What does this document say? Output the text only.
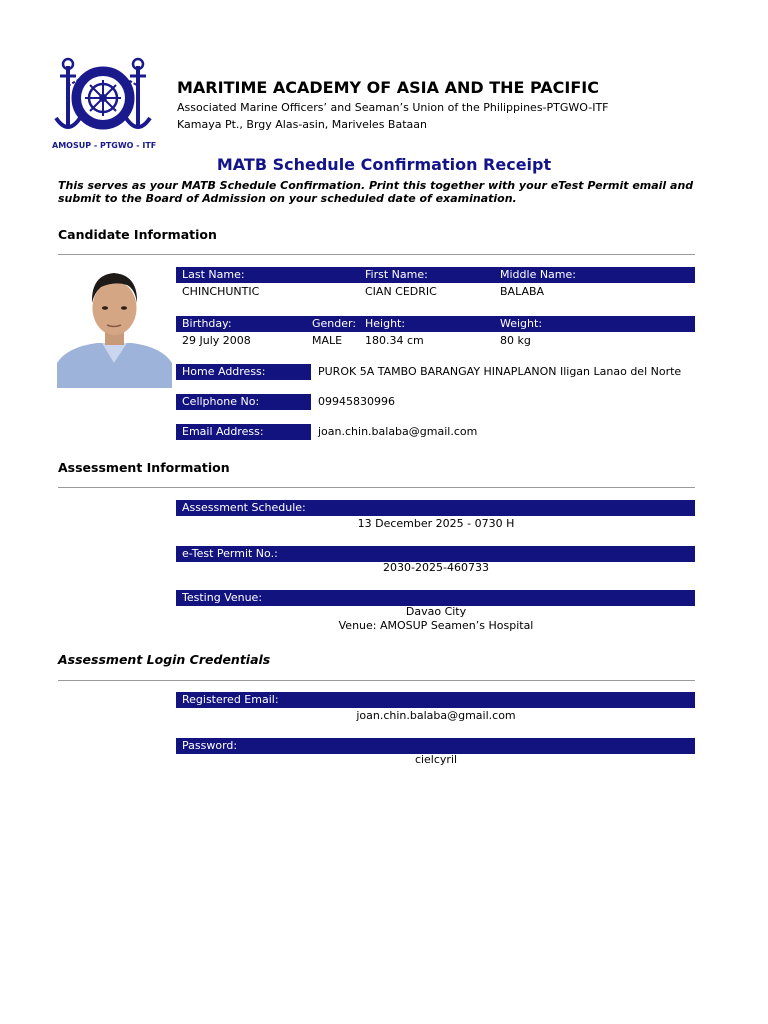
AMOSUP - PTGWO - ITF
MARITIME ACADEMY OF ASIA AND THE PACIFIC
Associated Marine Officers’ and Seaman’s Union of the Philippines-PTGWO-ITF
Kamaya Pt., Brgy Alas-asin, Mariveles Bataan
MATB Schedule Confirmation Receipt
This serves as your MATB Schedule Confirmation. Print this together with your eTest Permit email and submit to the Board of Admission on your scheduled date of examination.
Candidate Information
Last Name:	First Name:	Middle Name:
CHINCHUNTIC	CIAN CEDRIC	BALABA
Birthday:	Gender: Height:	Weight:
29 July 2008	MALE 180.34 cm	80 kg
Home Address:	PUROK 5A TAMBO BARANGAY HINAPLANON Iligan Lanao del Norte
Cellphone No:	09945830996
Email Address:	joan.chin.balaba@gmail.com
Assessment Information
Assessment Schedule:
13 December 2025 - 0730 H
e-Test Permit No.:
2030-2025-460733
Testing Venue:
Davao City
Venue: AMOSUP Seamen’s Hospital
Assessment Login Credentials
Registered Email:
joan.chin.balaba@gmail.com
Password:
cielcyril
